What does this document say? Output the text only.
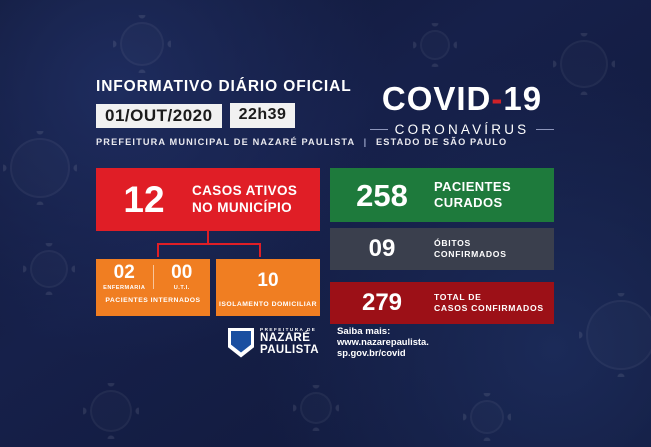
INFORMATIVO DIÁRIO OFICIAL
01/OUT/2020	22h39
PREFEITURA MUNICIPAL DE NAZARÉ PAULISTA | ESTADO DE SÃO PAULO
COVID-19
CORONAVÍRUS
12	CASOS ATIVOS
NO MUNICÍPIO
02
ENFERMARIA
00
U.T.I.
PACIENTES INTERNADOS
10
ISOLAMENTO DOMICILIAR
258	PACIENTES
CURADOS
09	ÓBITOS
CONFIRMADOS
279	TOTAL DE
CASOS CONFIRMADOS
PREFEITURA DE
NAZARÉ
PAULISTA
Saiba mais:
www.nazarepaulista.
sp.gov.br/covid
